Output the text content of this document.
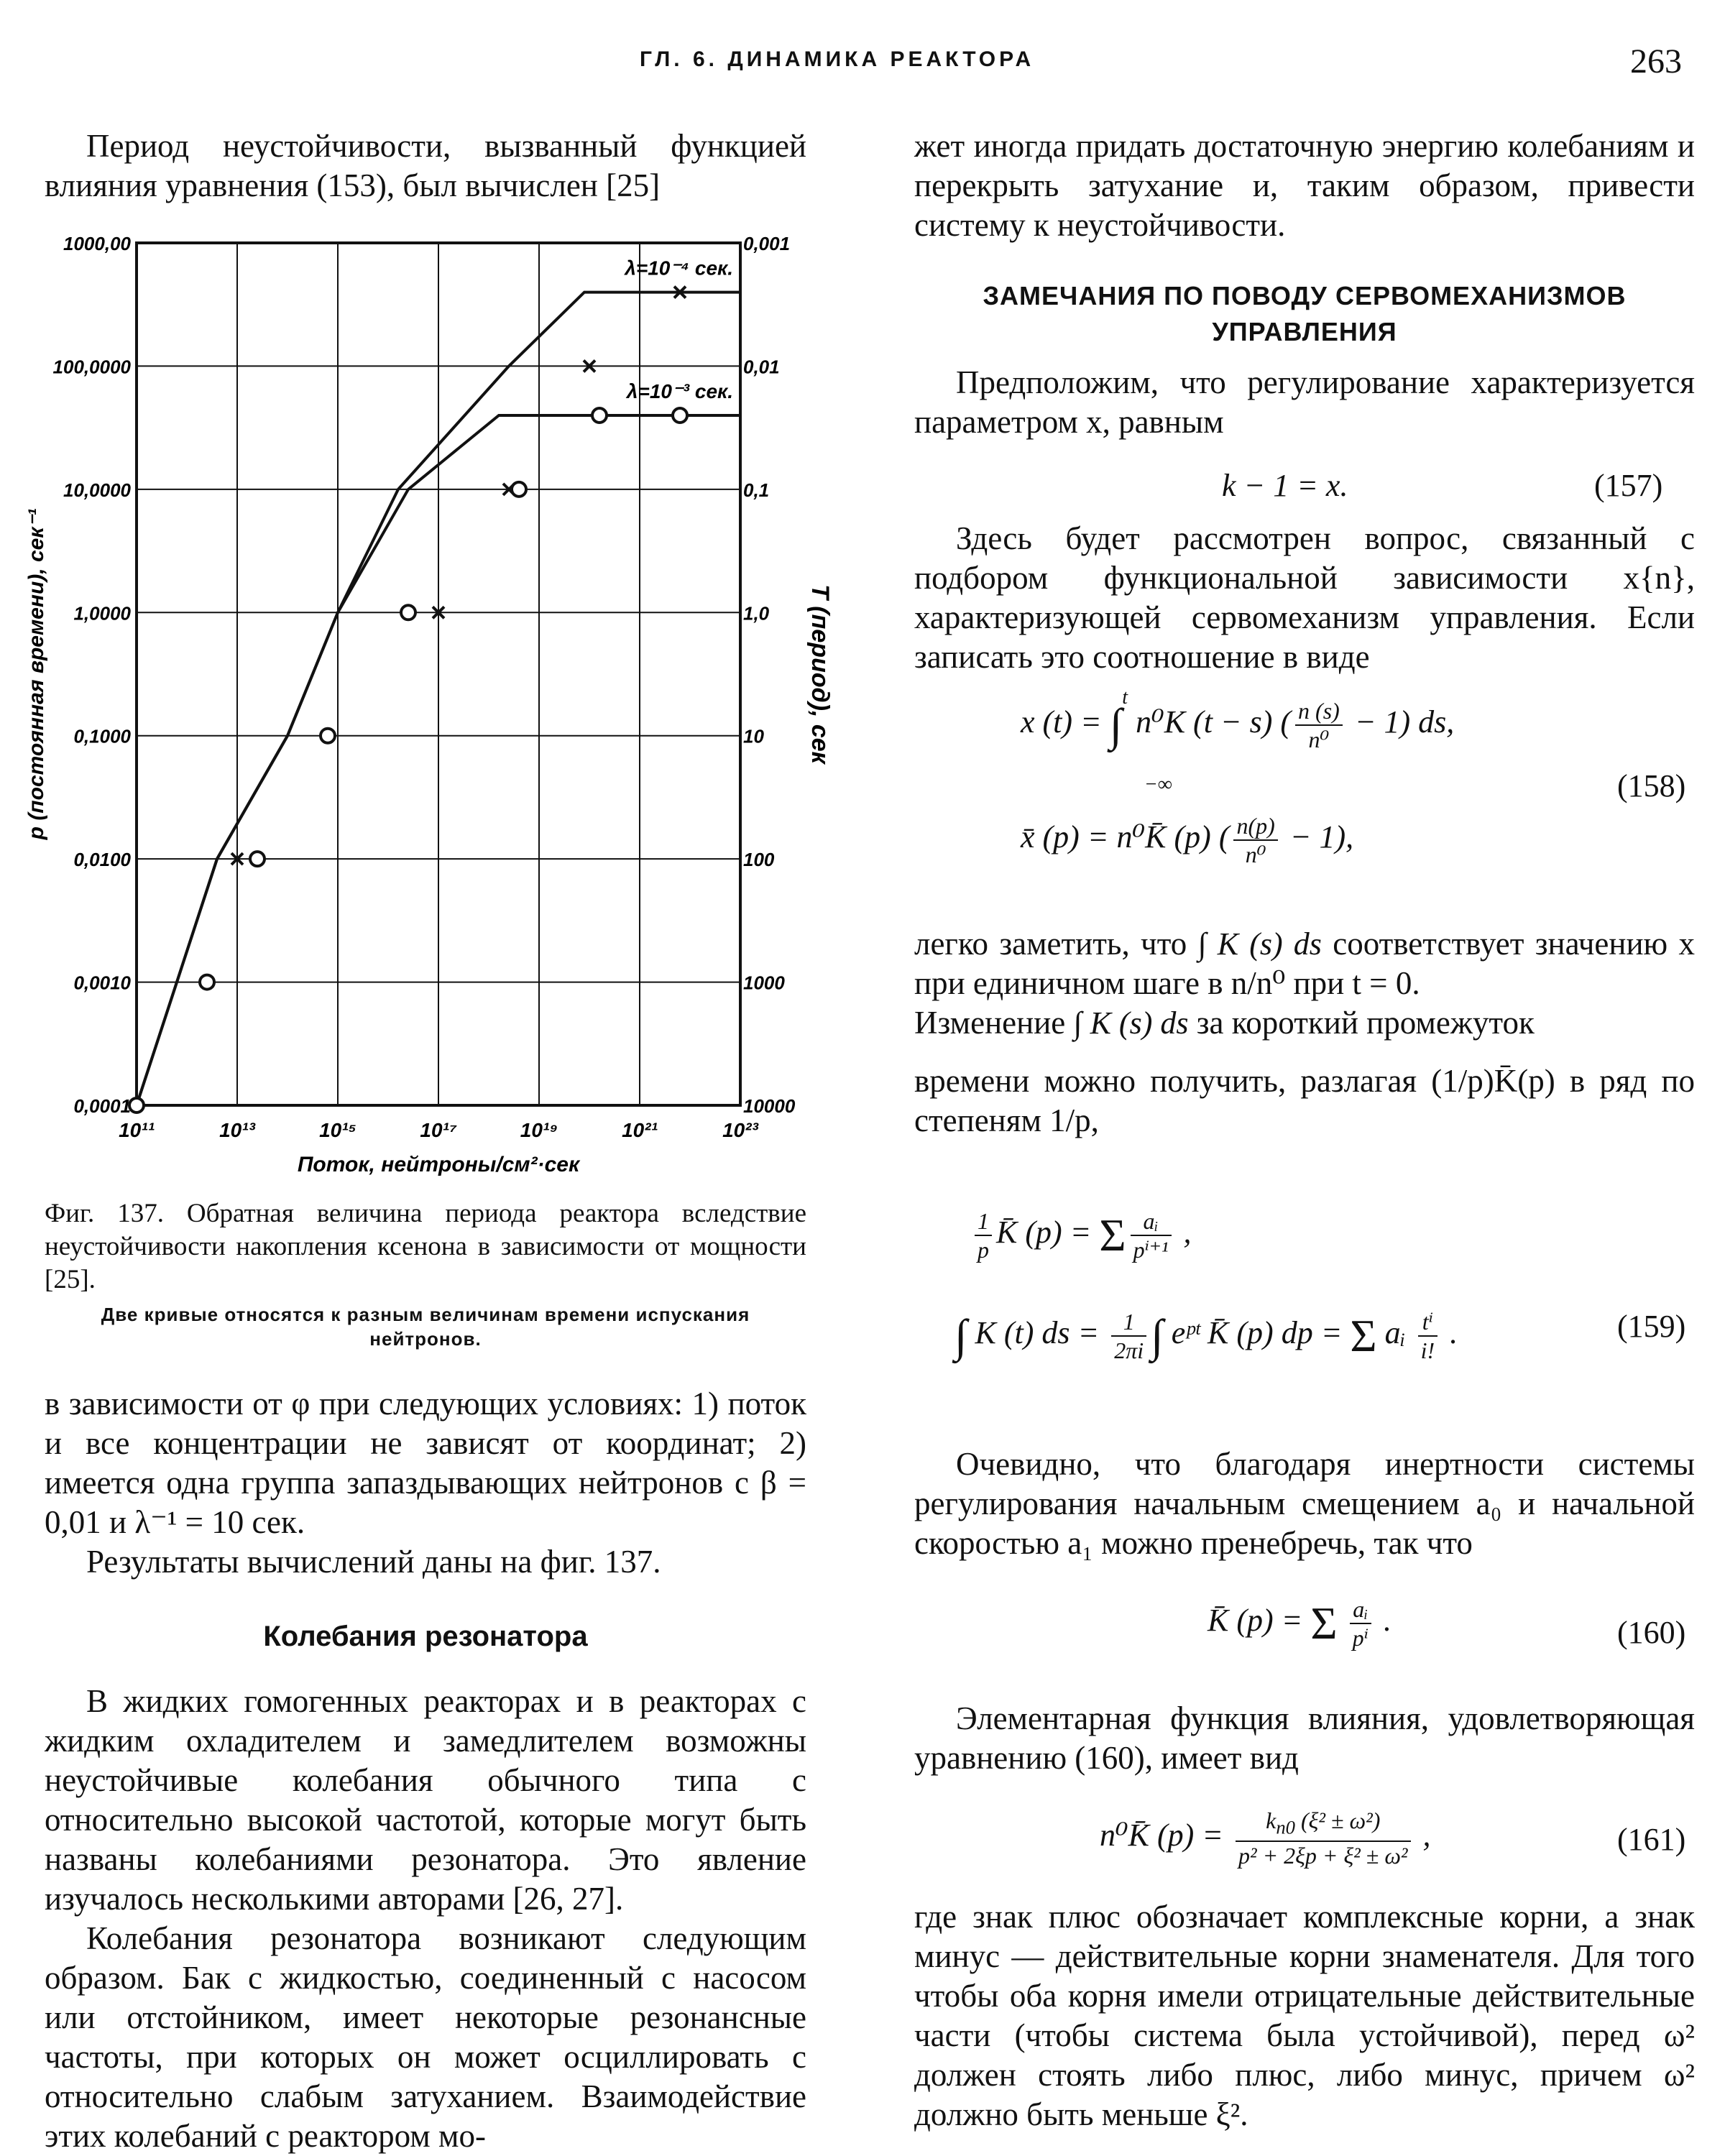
ГЛ. 6. ДИНАМИКА РЕАКТОРА	263

Период неустойчивости, вызванный функцией влияния уравнения (153), был вычислен [25]

10¹¹	10¹³	10¹⁵	10¹⁷	10¹⁹	10²¹	10²³
1000,00	0,001
100,0000	0,01
10,0000	0,1
1,0000	1,0
0,1000	10
0,0100	100
0,0010	1000
0,0001	10000
Поток, нейтроны/см²·сек
p (постоянная времени), сек⁻¹	T (период), сек
λ=10⁻⁴ сек.
λ=10⁻³ сек.
Фиг. 137. Обратная величина периода реактора вследствие неустойчивости накопления ксенона в зависимости от мощности [25].
Две кривые относятся к разным величинам времени испускания нейтронов.

в зависимости от φ при следующих условиях: 1) поток и все концентрации не зависят от координат; 2) имеется одна группа запаздывающих нейтронов с β = 0,01 и λ⁻¹ = 10 сек.

Результаты вычислений даны на фиг. 137.

Колебания резонатора

В жидких гомогенных реакторах и в реакторах с жидким охладителем и замедлителем возможны неустойчивые колебания обычного типа с относительно высокой частотой, которые могут быть названы колебаниями резонатора. Это явление изучалось несколькими авторами [26, 27].

Колебания резонатора возникают следующим образом. Бак с жидкостью, соединенный с насосом или отстойником, имеет некоторые резонансные частоты, при которых он может осциллировать с относительно слабым затуханием. Взаимодействие этих колебаний с реактором мо-

жет иногда придать достаточную энергию колебаниям и перекрыть затухание и, таким образом, привести систему к неустойчивости.

ЗАМЕЧАНИЯ ПО ПОВОДУ СЕРВОМЕХАНИЗМОВ УПРАВЛЕНИЯ

Предположим, что регулирование характеризуется параметром x, равным

k − 1 = x.	(157)

Здесь будет рассмотрен вопрос, связанный с подбором функциональной зависимости x{n}, характеризующей сервомеханизм управления. Если записать это соотношение в виде

x (t) = ∫$^t$ n⁰K (t − s) ( $\frac{n (s)}{\text{n⁰}} - 1$) ds,
−∞
x̄ (p) = n⁰K̄ (p) ( $\frac{n(p)}{\text{n⁰}} - 1$),
(158)

легко заметить, что ∫ K (s) ds соответствует значению x при единичном шаге в n/n⁰ при t = 0.

Изменение ∫ K (s) ds за короткий промежуток

времени можно получить, разлагая (1/p)K̄(p) в ряд по степеням 1/p,

$\frac{1}{p}$ K̄ (p) = Σ $\frac{\text{aᵢ}}{\text{pⁱ⁺¹}}$ ,
∫ K (t) ds = $\frac{1}{2\pi i}$ ∫ eᵖᵗ K̄ (p) dp = Σ aᵢ $\frac{\text{tⁱ}}{i!}$ .	(159)

Очевидно, что благодаря инертности системы регулирования начальным смещением a₀ и начальной скоростью a₁ можно пренебречь, так что

K̄ (p) = Σ $\frac{\text{aᵢ}}{\text{pⁱ}}$ .	(160)

Элементарная функция влияния, удовлетворяющая уравнению (160), имеет вид

n⁰K̄ $(p) = \frac{k_{n0} (\xi^2 \pm \omega^2)}{\text{p² + 2ξp + ξ² ± ω²}}$ ,	(161)

где знак плюс обозначает комплексные корни, а знак минус — действительные корни знаменателя. Для того чтобы оба корня имели отрицательные действительные части (чтобы система была устойчивой), перед ω² должен стоять либо плюс, либо минус, причем ω² должно быть меньше ξ².
